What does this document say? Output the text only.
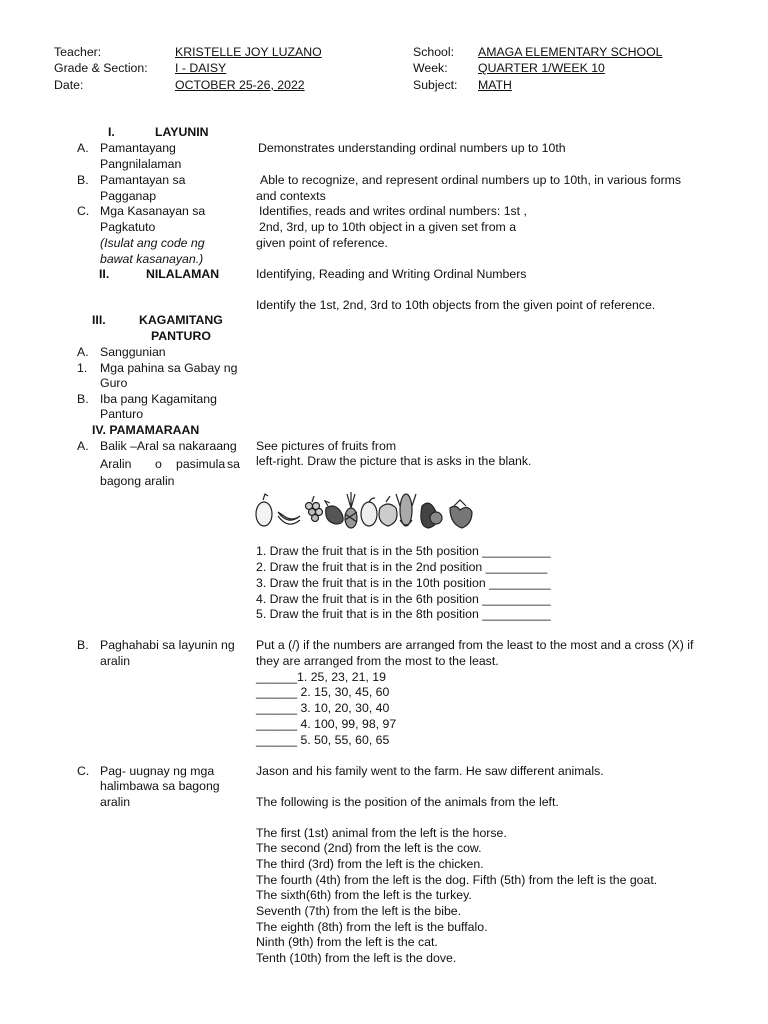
Teacher:	KRISTELLE JOY LUZANO
Grade & Section: I - DAISY
Date:	OCTOBER 25-26, 2022
School: AMAGA ELEMENTARY SCHOOL
Week: QUARTER 1/WEEK 10
Subject: MATH
I.	LAYUNIN
A. Pamantayang
Pangnilalaman
Demonstrates understanding ordinal numbers up to 10th
B. Pamantayan sa
Pagganap
Able to recognize, and represent ordinal numbers up to 10th, in various forms
and contexts
C. Mga Kasanayan sa
Pagkatuto
(Isulat ang code ng
bawat kasanayan.)
Identifies, reads and writes ordinal numbers: 1st ,
2nd, 3rd, up to 10th object in a given set from a
given point of reference.
II.	NILALAMAN	Identifying, Reading and Writing Ordinal Numbers
Identify the 1st, 2nd, 3rd to 10th objects from the given point of reference.
III.	KAGAMITANG
PANTURO
A. Sanggunian
1. Mga pahina sa Gabay ng
Guro
B. Iba pang Kagamitang
Panturo
IV. PAMAMARAAN
A. Balik –Aral sa nakaraang
Aralin o pasimula sa
bagong aralin
See pictures of fruits from
left-right. Draw the picture that is asks in the blank.
1. Draw the fruit that is in the 5th position __________
2. Draw the fruit that is in the 2nd position _________
3. Draw the fruit that is in the 10th position _________
4. Draw the fruit that is in the 6th position __________
5. Draw the fruit that is in the 8th position __________
B. Paghahabi sa layunin ng
aralin
Put a (/) if the numbers are arranged from the least to the most and a cross (X) if
they are arranged from the most to the least.
______1. 25, 23, 21, 19
______ 2. 15, 30, 45, 60
______ 3. 10, 20, 30, 40
______ 4. 100, 99, 98, 97
______ 5. 50, 55, 60, 65
C. Pag- uugnay ng mga
halimbawa sa bagong
aralin
Jason and his family went to the farm. He saw different animals.
The following is the position of the animals from the left.
The first (1st) animal from the left is the horse.
The second (2nd) from the left is the cow.
The third (3rd) from the left is the chicken.
The fourth (4th) from the left is the dog. Fifth (5th) from the left is the goat.
The sixth(6th) from the left is the turkey.
Seventh (7th) from the left is the bibe.
The eighth (8th) from the left is the buffalo.
Ninth (9th) from the left is the cat.
Tenth (10th) from the left is the dove.
